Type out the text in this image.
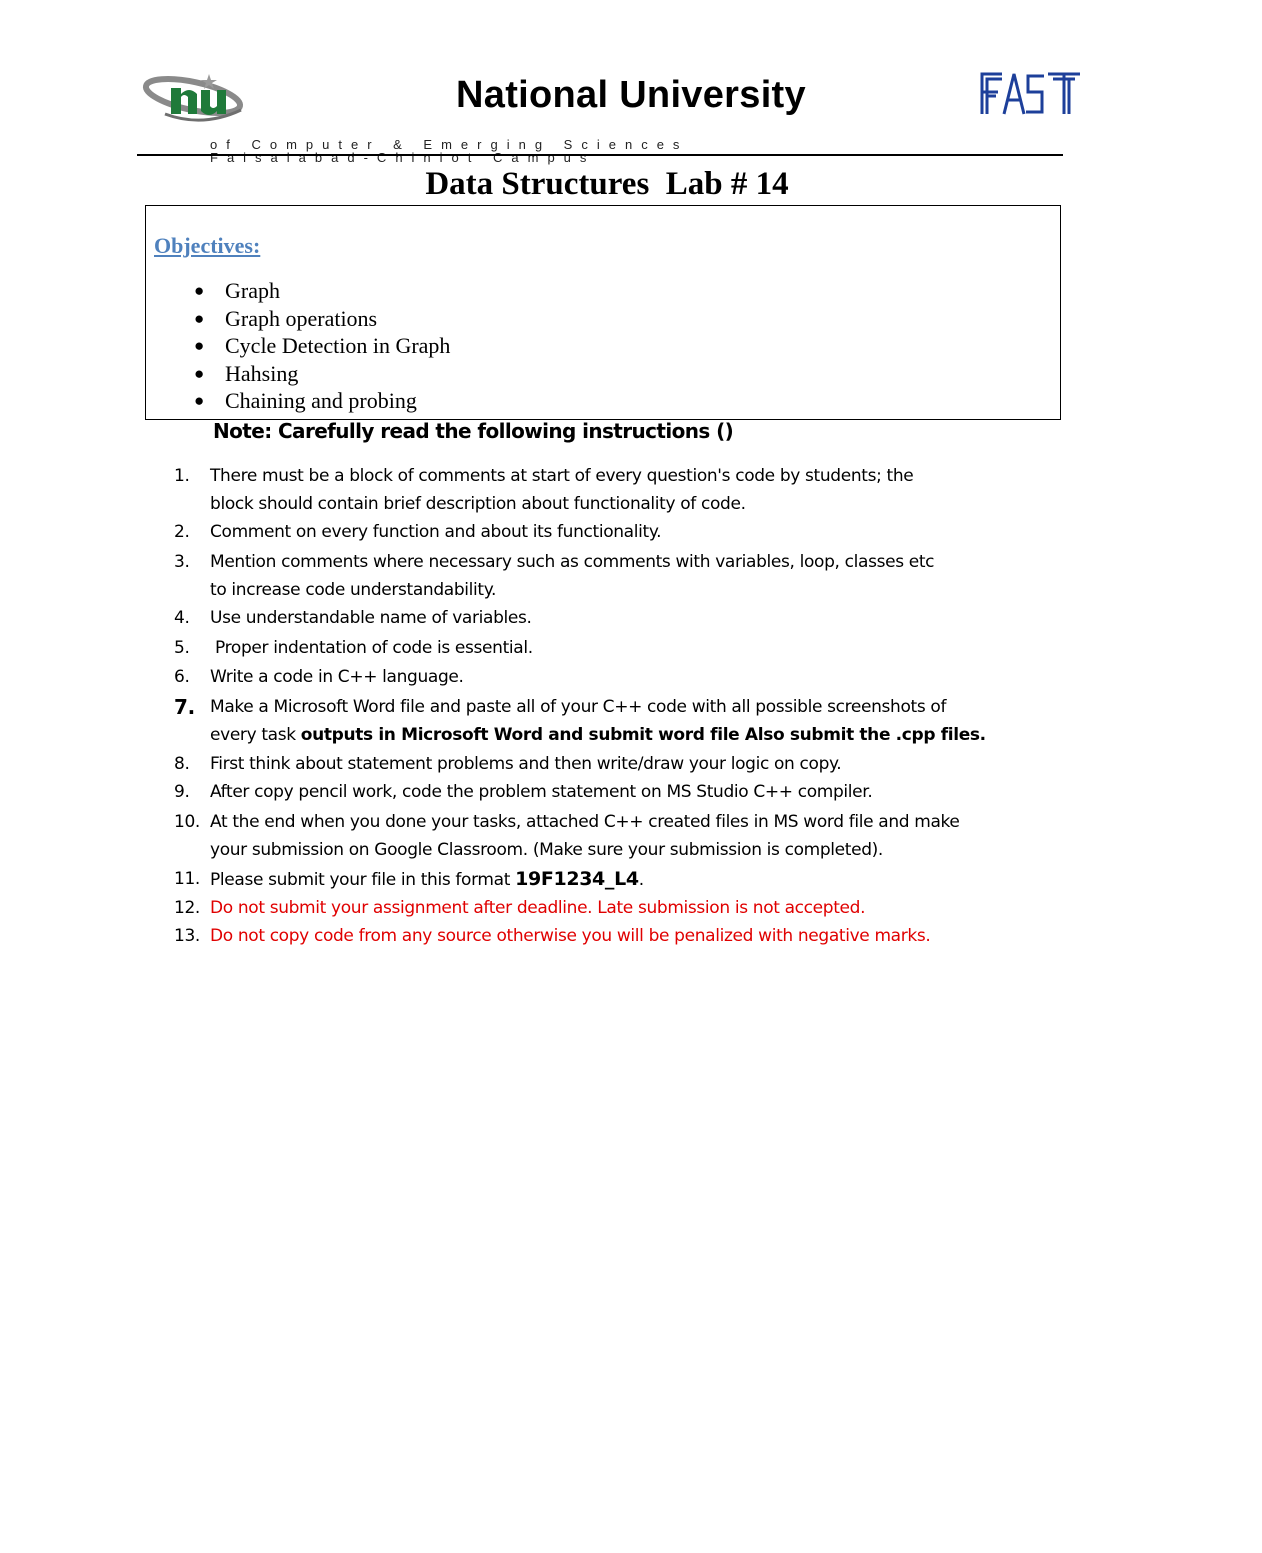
National University
of Computer & Emerging Sciences Faisalabad-Chiniot Campus
Data Structures  Lab # 14
Objectives:
● Graph
● Graph operations
● Cycle Detection in Graph
● Hahsing
● Chaining and probing
Note: Carefully read the following instructions ()
1.	There must be a block of comments at start of every question's code by students; the
block should contain brief description about functionality of code.
2.	Comment on every function and about its functionality.
3.	Mention comments where necessary such as comments with variables, loop, classes etc
to increase code understandability.
4.	Use understandable name of variables.
5.	Proper indentation of code is essential.
6.	Write a code in C++ language.
7. Make a Microsoft Word file and paste all of your C++ code with all possible screenshots of
every task outputs in Microsoft Word and submit word file Also submit the .cpp files.
8.	First think about statement problems and then write/draw your logic on copy.
9.	After copy pencil work, code the problem statement on MS Studio C++ compiler.
10. At the end when you done your tasks, attached C++ created files in MS word file and make
your submission on Google Classroom. (Make sure your submission is completed).
11. Please submit your file in this format 19F1234_L4.
12. Do not submit your assignment after deadline. Late submission is not accepted.
13. Do not copy code from any source otherwise you will be penalized with negative marks.
